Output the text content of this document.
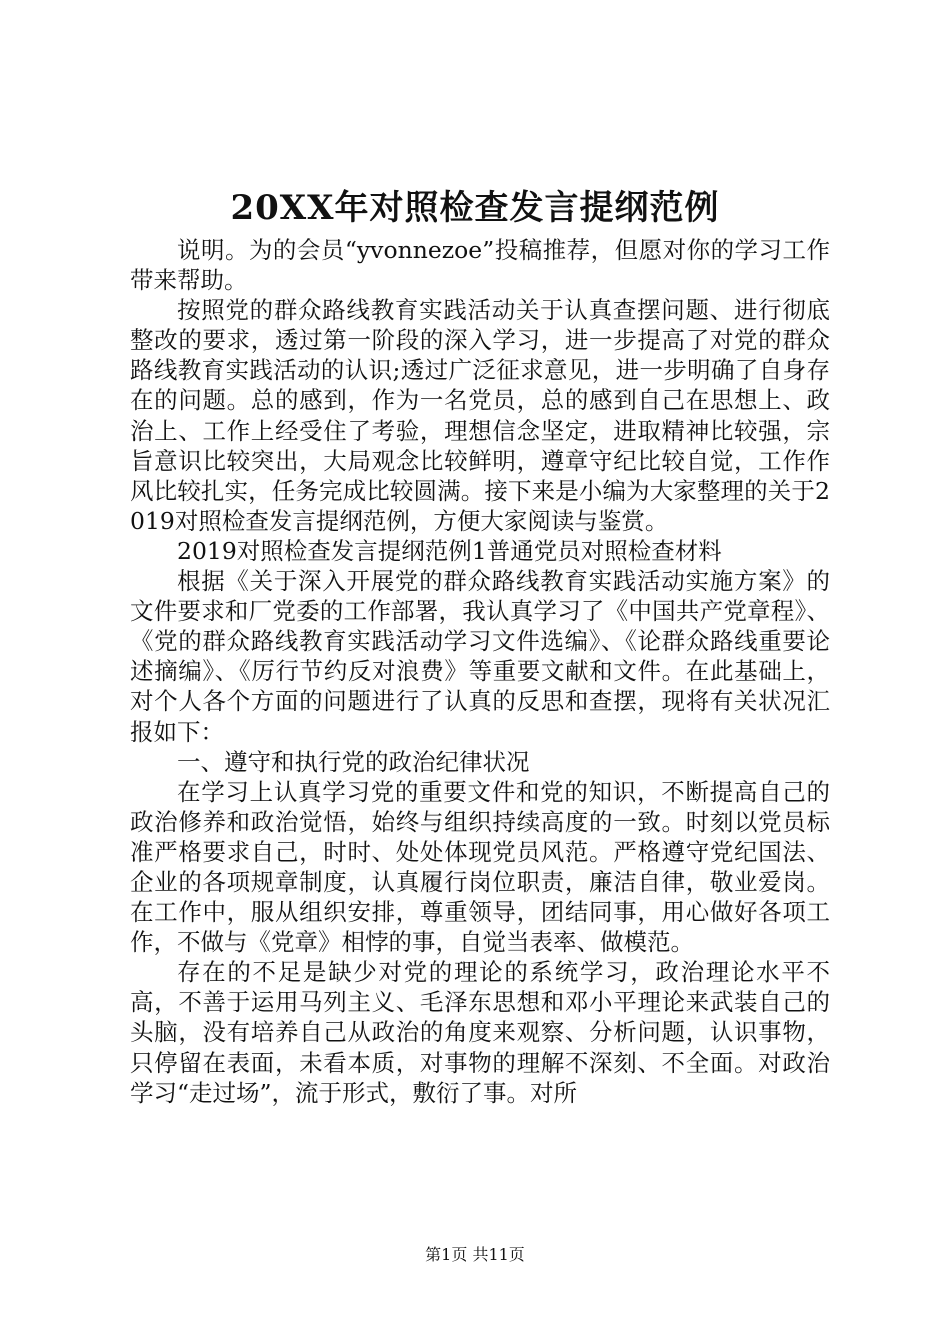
20XX年对照检查发言提纲范例

说明。为的会员“yvonnezoe”投稿推荐，但愿对你的学习工作带来帮助。

按照党的群众路线教育实践活动关于认真查摆问题、进行彻底整改的要求，透过第一阶段的深入学习，进一步提高了对党的群众路线教育实践活动的认识;透过广泛征求意见，进一步明确了自身存在的问题。总的感到，作为一名党员，总的感到自己在思想上、政治上、工作上经受住了考验，理想信念坚定，进取精神比较强，宗旨意识比较突出，大局观念比较鲜明，遵章守纪比较自觉，工作作风比较扎实，任务完成比较圆满。接下来是小编为大家整理的关于2019对照检查发言提纲范例，方便大家阅读与鉴赏。

2019对照检查发言提纲范例1普通党员对照检查材料

根据《关于深入开展党的群众路线教育实践活动实施方案》的文件要求和厂党委的工作部署，我认真学习了《中国共产党章程》、《党的群众路线教育实践活动学习文件选编》、《论群众路线重要论述摘编》、《厉行节约反对浪费》等重要文献和文件。在此基础上，对个人各个方面的问题进行了认真的反思和查摆，现将有关状况汇报如下：

一、遵守和执行党的政治纪律状况

在学习上认真学习党的重要文件和党的知识，不断提高自己的政治修养和政治觉悟，始终与组织持续高度的一致。时刻以党员标准严格要求自己，时时、处处体现党员风范。严格遵守党纪国法、企业的各项规章制度，认真履行岗位职责，廉洁自律，敬业爱岗。在工作中，服从组织安排，尊重领导，团结同事，用心做好各项工作，不做与《党章》相悖的事，自觉当表率、做模范。

存在的不足是缺少对党的理论的系统学习，政治理论水平不高，不善于运用马列主义、毛泽东思想和邓小平理论来武装自己的头脑，没有培养自己从政治的角度来观察、分析问题，认识事物，只停留在表面，未看本质，对事物的理解不深刻、不全面。对政治学习“走过场”，流于形式，敷衍了事。对所

第1页 共11页
